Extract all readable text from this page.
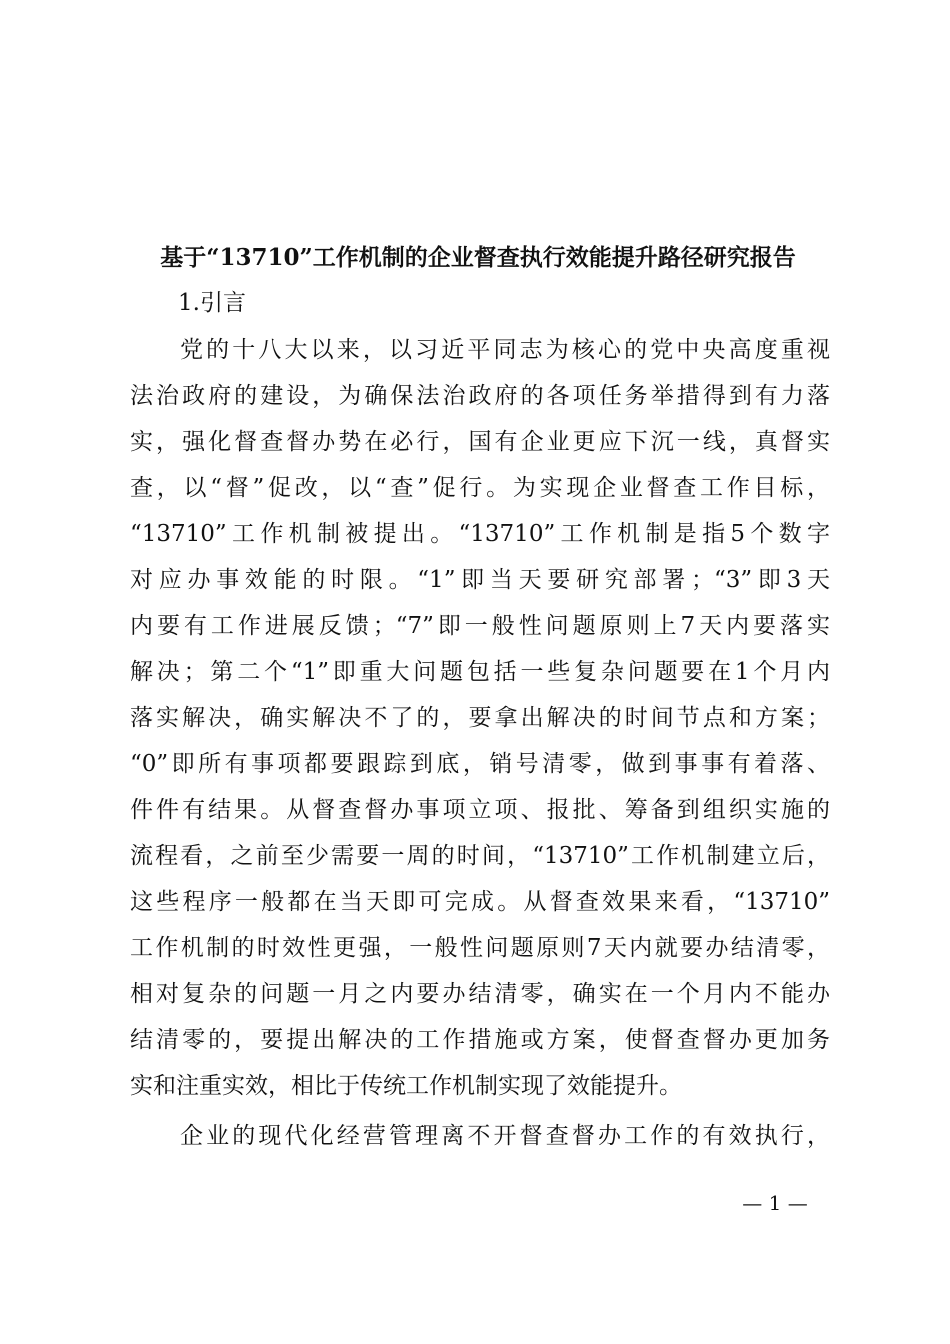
基于“13710”工作机制的企业督查执行效能提升路径研究报告
1.引言
党的十八大以来，以习近平同志为核心的党中央高度重视
法治政府的建设，为确保法治政府的各项任务举措得到有力落
实，强化督查督办势在必行，国有企业更应下沉一线，真督实
查，以“督”促改，以“查”促行。为实现企业督查工作目标，
“13710”工作机制被提出。“13710”工作机制是指5个数字
对应办事效能的时限。“1”即当天要研究部署；“3”即3天
内要有工作进展反馈；“7”即一般性问题原则上7天内要落实
解决；第二个“1”即重大问题包括一些复杂问题要在1个月内
落实解决，确实解决不了的，要拿出解决的时间节点和方案；
“0”即所有事项都要跟踪到底，销号清零，做到事事有着落、
件件有结果。从督查督办事项立项、报批、筹备到组织实施的
流程看，之前至少需要一周的时间，“13710”工作机制建立后，
这些程序一般都在当天即可完成。从督查效果来看，“13710”
工作机制的时效性更强，一般性问题原则7天内就要办结清零，
相对复杂的问题一月之内要办结清零，确实在一个月内不能办
结清零的，要提出解决的工作措施或方案，使督查督办更加务
实和注重实效，相比于传统工作机制实现了效能提升。
企业的现代化经营管理离不开督查督办工作的有效执行，
— 1 —
